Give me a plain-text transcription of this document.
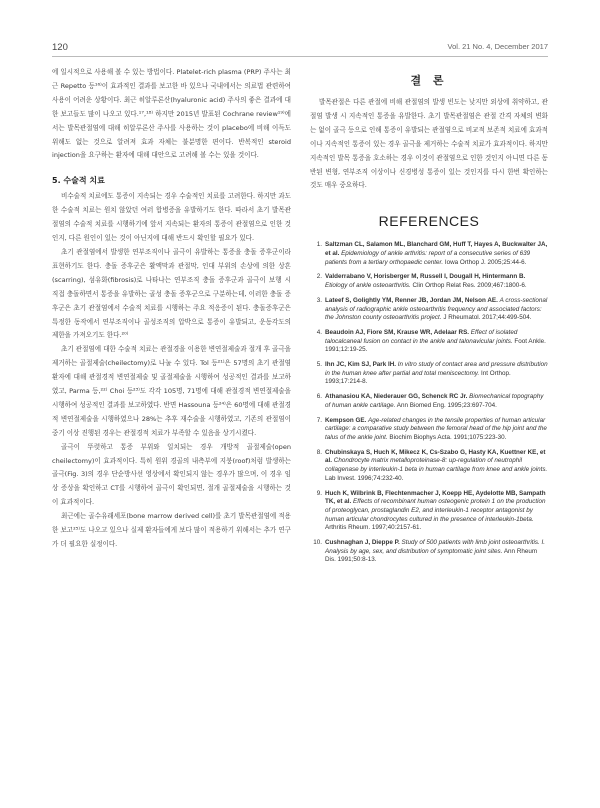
120	Vol. 21 No. 4, December 2017

에 일시적으로 사용해 볼 수 있는 방법이다. Platelet-rich plasma (PRP) 주사는 최근 Repetto 등¹⁶⁾이 효과적인 결과를 보고한 바 있으나 국내에서는 의료법 관련하여 사용이 어려운 상황이다. 최근 히알루론산(hyaluronic acid) 주사의 좋은 결과에 대한 보고들도 많이 나오고 있다.¹⁷,¹⁸⁾ 하지만 2015년 발표된 Cochrane review¹⁹⁾에서는 발목관절염에 대해 히알루론산 주사를 사용하는 것이 placebo에 비해 이득도 위해도 없는 것으로 알려져 효과 자체는 불분명한 편이다. 반복적인 steroid injection을 요구하는 환자에 대해 대안으로 고려해 볼 수는 있을 것이다.

5. 수술적 치료

비수술적 치료에도 통증이 지속되는 경우 수술적인 치료를 고려한다. 하지만 과도한 수술적 치료는 원치 않았던 여러 합병증을 유발하기도 한다. 따라서 초기 발목관절염의 수술적 치료를 시행하기에 앞서 지속되는 환자의 통증이 관절염으로 인한 것인지, 다른 원인이 있는 것이 아닌지에 대해 반드시 확인할 필요가 있다.

초기 관절염에서 발생한 연부조직이나 골극이 유발하는 통증을 충돌 증후군이라 표현하기도 한다. 충돌 증후군은 활액막과 관절막, 인대 부위의 손상에 의한 상흔(scarring), 섬유화(fibrosis)로 나타나는 연부조직 충돌 증후군과 골극이 보행 시 직접 충돌하면서 통증을 유발하는 골성 충돌 증후군으로 구분하는데, 이러한 충돌 증후군은 초기 관절염에서 수술적 치료를 시행하는 주요 적응증이 된다. 충돌증후군은 특정한 동작에서 연부조직이나 골성조직의 압박으로 통증이 유발되고, 운동각도의 제한을 가져오기도 한다.²⁰⁾

초기 관절염에 대한 수술적 치료는 관절경을 이용한 변연절제술과 절개 후 골극을 제거하는 골절제술(cheilectomy)로 나눌 수 있다. Tol 등²¹⁾은 57명의 초기 관절염 환자에 대해 관절경적 변연절제술 및 골절제술을 시행하여 성공적인 결과를 보고하였고, Parma 등,²²⁾ Choi 등²³⁾도 각각 105명, 71명에 대해 관절경적 변연절제술을 시행하여 성공적인 결과를 보고하였다. 반면 Hassouna 등²⁴⁾은 60명에 대해 관절경적 변연절제술을 시행하였으나 28%는 추후 재수술을 시행하였고, 기존의 관절염이 중기 이상 진행된 경우는 관절경적 치료가 부족할 수 있음을 상기시켰다.

골극이 뚜렷하고 통증 부위와 일치되는 경우 개방적 골절제술(open cheilectomy)이 효과적이다. 특히 원위 경골의 내측부에 지붕(roof)처럼 발생하는 골극(Fig. 3)의 경우 단순방사선 영상에서 확인되지 않는 경우가 많으며, 이 경우 임상 증상을 확인하고 CT를 시행하여 골극이 확인되면, 절개 골절제술을 시행하는 것이 효과적이다.

최근에는 골수유래세포(bone marrow derived cell)를 초기 발목관절염에 적용한 보고²⁵⁾도 나오고 있으나 실제 환자들에게 보다 많이 적용하기 위해서는 추가 연구가 더 필요한 실정이다.

결 론

발목관절은 다른 관절에 비해 관절염의 발생 빈도는 낮지만 외상에 취약하고, 관절염 발생 시 지속적인 통증을 유발한다. 초기 발목관절염은 관절 간격 자체의 변화는 없이 골극 등으로 인해 통증이 유발되는 관절염으로 비교적 보존적 치료에 효과적이나 지속적인 통증이 있는 경우 골극을 제거하는 수술적 치료가 효과적이다. 하지만 지속적인 발목 통증을 호소하는 경우 이것이 관절염으로 인한 것인지 아니면 다른 동반된 변형, 연부조직 이상이나 신경병성 통증이 있는 것인지를 다시 한번 확인하는 것도 매우 중요하다.

REFERENCES
1. Saltzman CL, Salamon ML, Blanchard GM, Huff T, Hayes A, Buckwalter JA, et al. Epidemiology of ankle arthritis: report of a consecutive series of 639 patients from a tertiary orthopaedic center. Iowa Orthop J. 2005;25:44-6.
2. Valderrabano V, Horisberger M, Russell I, Dougall H, Hintermann B. Etiology of ankle osteoarthritis. Clin Orthop Relat Res. 2009;467:1800-6.
3. Lateef S, Golightly YM, Renner JB, Jordan JM, Nelson AE. A cross-sectional analysis of radiographic ankle osteoarthritis frequency and associated factors: the Johnston county osteoarthritis project. J Rheumatol. 2017;44:499-504.
4. Beaudoin AJ, Fiore SM, Krause WR, Adelaar RS. Effect of isolated talocalcaneal fusion on contact in the ankle and talonavicular joints. Foot Ankle. 1991;12:19-25.
5. Ihn JC, Kim SJ, Park IH. In vitro study of contact area and pressure distribution in the human knee after partial and total meniscectomy. Int Orthop. 1993;17:214-8.
6. Athanasiou KA, Niederauer GG, Schenck RC Jr. Biomechanical topography of human ankle cartilage. Ann Biomed Eng. 1995;23:697-704.
7. Kempson GE. Age-related changes in the tensile properties of human articular cartilage: a comparative study between the femoral head of the hip joint and the talus of the ankle joint. Biochim Biophys Acta. 1991;1075:223-30.
8. Chubinskaya S, Huch K, Mikecz K, Cs-Szabo G, Hasty KA, Kuettner KE, et al. Chondrocyte matrix metalloproteinase-8: up-regulation of neutrophil collagenase by interleukin-1 beta in human cartilage from knee and ankle joints. Lab Invest. 1996;74:232-40.
9. Huch K, Wilbrink B, Flechtenmacher J, Koepp HE, Aydelotte MB, Sampath TK, et al. Effects of recombinant human osteogenic protein 1 on the production of proteoglycan, prostaglandin E2, and interleukin-1 receptor antagonist by human articular chondrocytes cultured in the presence of interleukin-1beta. Arthritis Rheum. 1997;40:2157-61.
10. Cushnaghan J, Dieppe P. Study of 500 patients with limb joint osteoarthritis. I. Analysis by age, sex, and distribution of symptomatic joint sites. Ann Rheum Dis. 1991;50:8-13.
